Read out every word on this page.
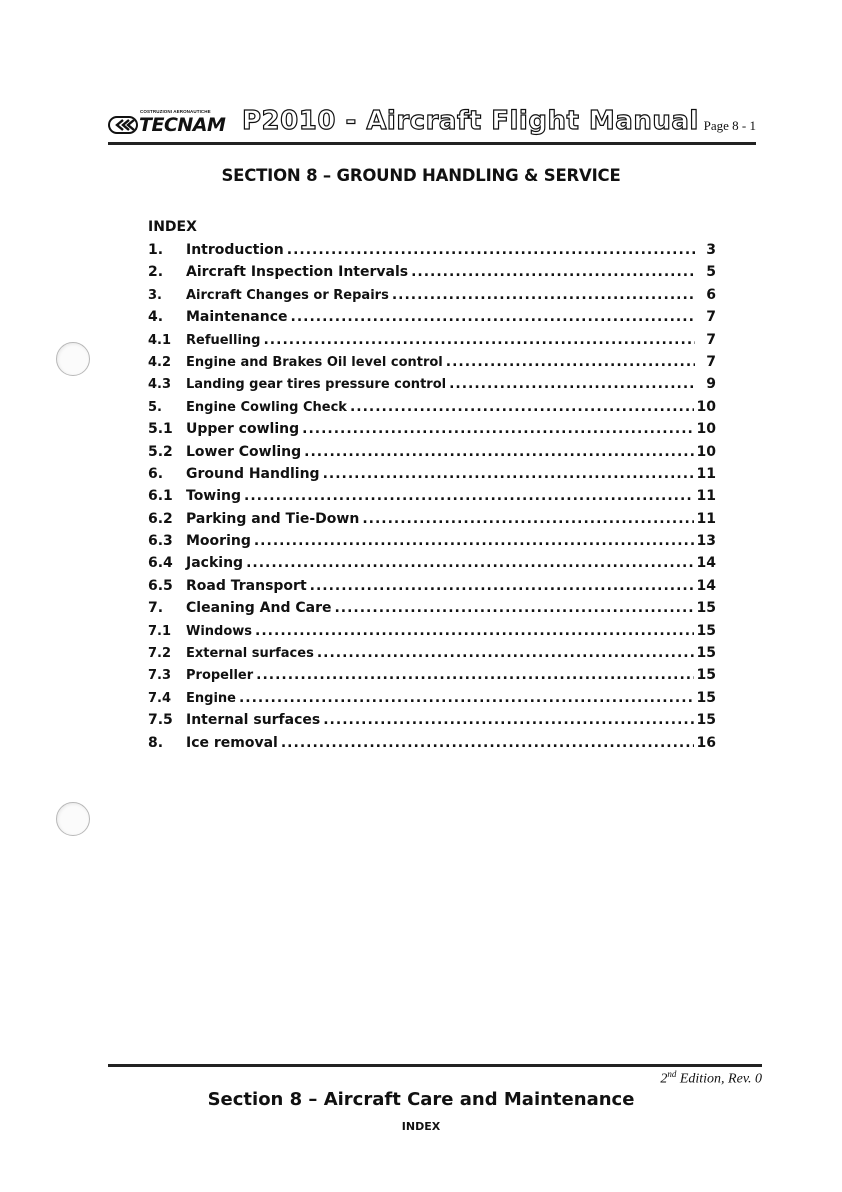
COSTRUZIONI AERONAUTICHE
TECNAM P2010 - Aircraft Flight Manual Page 8 - 1
SECTION 8 – GROUND HANDLING & SERVICE
INDEX
1.	Introduction .....	3
2.	Aircraft Inspection Intervals .....	5
3.	Aircraft Changes or Repairs .....	6
4.	Maintenance .....	7
4.1	Refuelling .....	7
4.2	Engine and Brakes Oil level control .....	7
4.3	Landing gear tires pressure control .....	9
5.	Engine Cowling Check .....	10
5.1 Upper cowling .....	10
5.2 Lower Cowling .....	10
6.	Ground Handling .....	11
6.1 Towing .....	11
6.2 Parking and Tie-Down .....	11
6.3 Mooring .....	13
6.4 Jacking .....	14
6.5 Road Transport .....	14
7.	Cleaning And Care .....	15
7.1	Windows .....	15
7.2	External surfaces .....	15
7.3	Propeller .....	15
7.4	Engine .....	15
7.5 Internal surfaces .....	15
8.	Ice removal .....	16
2nd Edition, Rev. 0
Section 8 – Aircraft Care and Maintenance
INDEX
